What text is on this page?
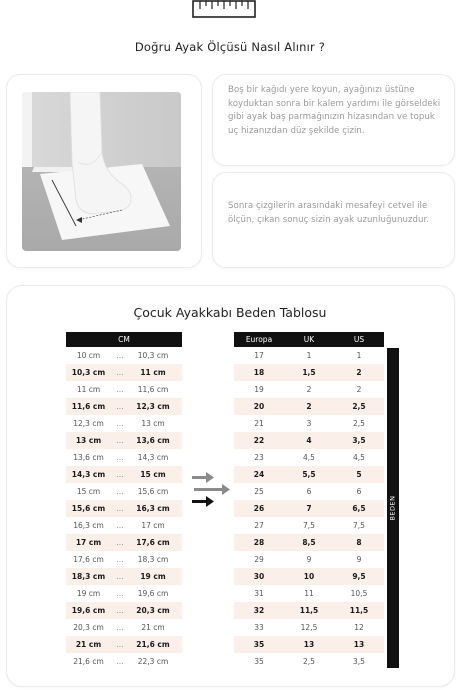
Doğru Ayak Ölçüsü Nasıl Alınır ?
Boş bir kağıdı yere koyun, ayağınızı üstüne koyduktan sonra bir kalem yardımı ile görseldeki gibi ayak baş parmağınızın hizasından ve topuk uç hizanızdan düz şekilde çizin.
Sonra çizgilerin arasındaki mesafeyi cetvel ile ölçün, çıkan sonuç sizin ayak uzunluğunuzdur.
Çocuk Ayakkabı Beden Tablosu
CM
10 cm	...	10,3 cm
10,3 cm	...	11 cm
11 cm	...	11,6 cm
11,6 cm	...	12,3 cm
12,3 cm	...	13 cm
13 cm	...	13,6 cm
13,6 cm	...	14,3 cm
14,3 cm	...	15 cm
15 cm	...	15,6 cm
15,6 cm	...	16,3 cm
16,3 cm	...	17 cm
17 cm	...	17,6 cm
17,6 cm	...	18,3 cm
18,3 cm	...	19 cm
19 cm	...	19,6 cm
19,6 cm	...	20,3 cm
20,3 cm	...	21 cm
21 cm	...	21,6 cm
21,6 cm	...	22,3 cm
Europa	UK	US
17	1	1
18	1,5	2
19	2	2
20	2	2,5
21	3	2,5
22	4	3,5
23	4,5	4,5
24	5,5	5
25	6	6
26	7	6,5
27	7,5	7,5
28	8,5	8
29	9	9
30	10	9,5
31	11	10,5
32	11,5	11,5
33	12,5	12
35	13	13
35	2,5	3,5
BEDEN
